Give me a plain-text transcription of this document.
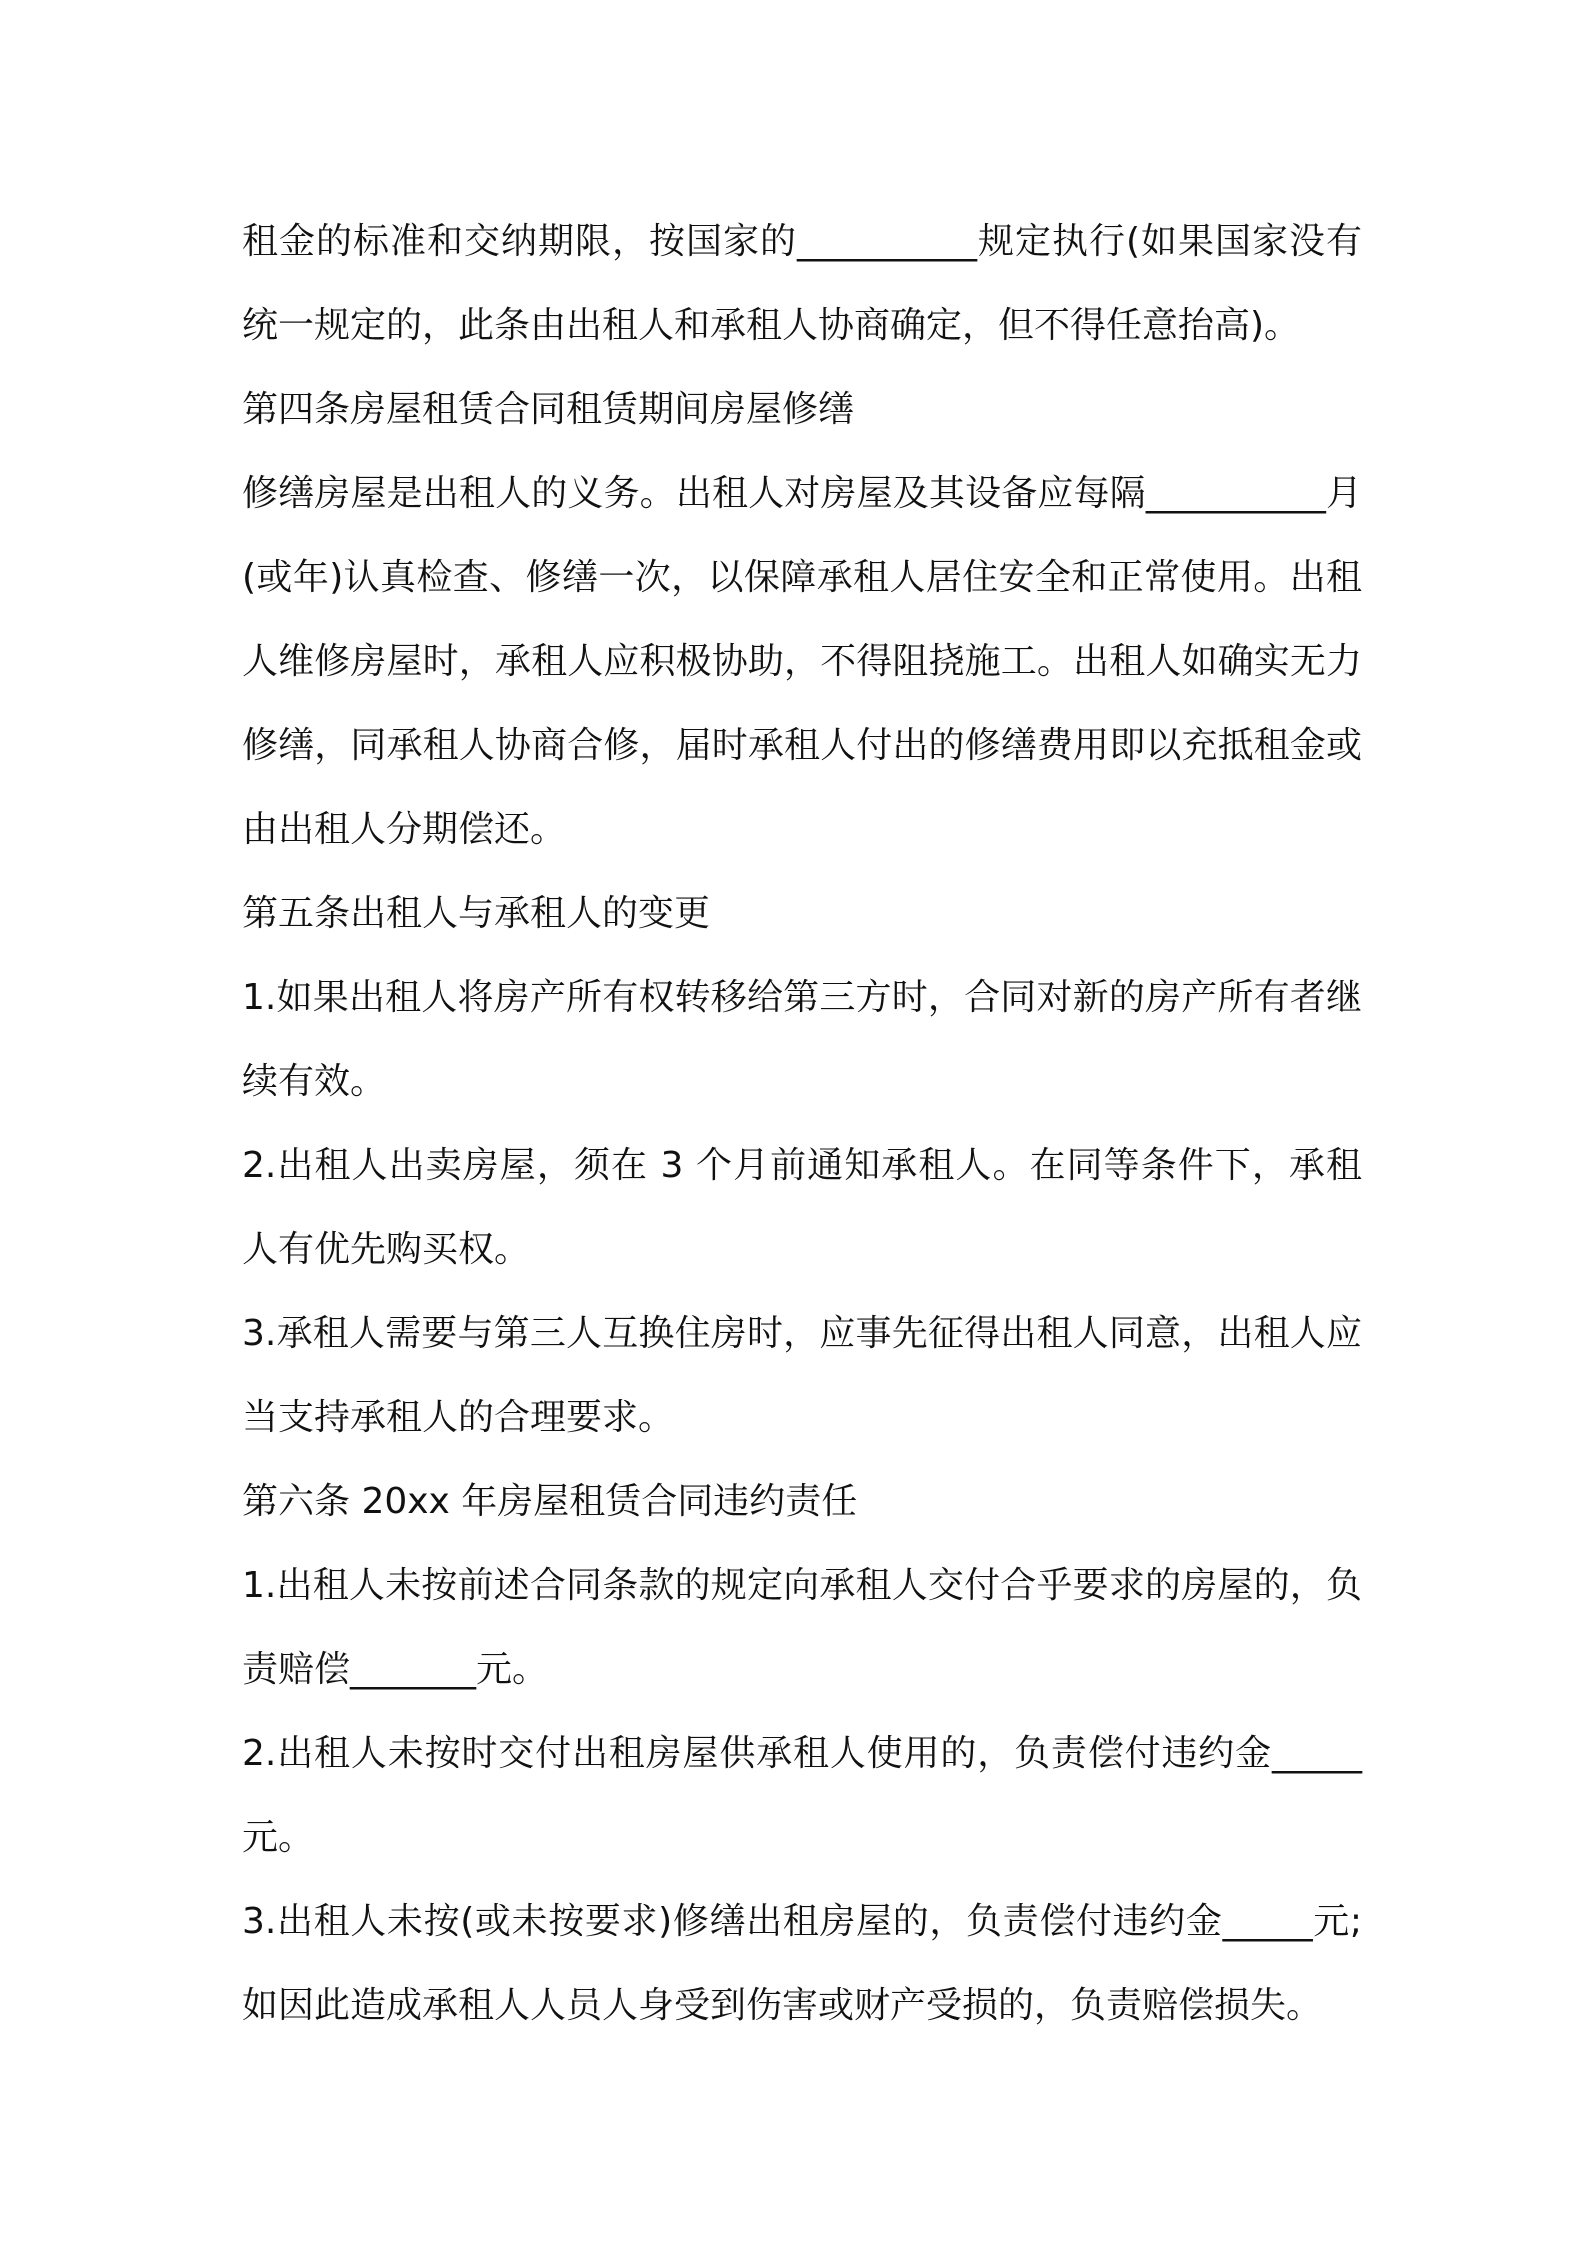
租金的标准和交纳期限，按国家的__________规定执行(如果国家没有统一规定的，此条由出租人和承租人协商确定，但不得任意抬高)。

第四条房屋租赁合同租赁期间房屋修缮

修缮房屋是出租人的义务。出租人对房屋及其设备应每隔__________月(或年)认真检查、修缮一次，以保障承租人居住安全和正常使用。出租人维修房屋时，承租人应积极协助，不得阻挠施工。出租人如确实无力修缮，同承租人协商合修，届时承租人付出的修缮费用即以充抵租金或由出租人分期偿还。

第五条出租人与承租人的变更

1.如果出租人将房产所有权转移给第三方时，合同对新的房产所有者继续有效。

2.出租人出卖房屋，须在 3 个月前通知承租人。在同等条件下，承租人有优先购买权。

3.承租人需要与第三人互换住房时，应事先征得出租人同意，出租人应当支持承租人的合理要求。

第六条 20xx 年房屋租赁合同违约责任

1.出租人未按前述合同条款的规定向承租人交付合乎要求的房屋的，负责赔偿_______元。

2.出租人未按时交付出租房屋供承租人使用的，负责偿付违约金_____元。

3.出租人未按(或未按要求)修缮出租房屋的，负责偿付违约金_____元;如因此造成承租人人员人身受到伤害或财产受损的，负责赔偿损失。
